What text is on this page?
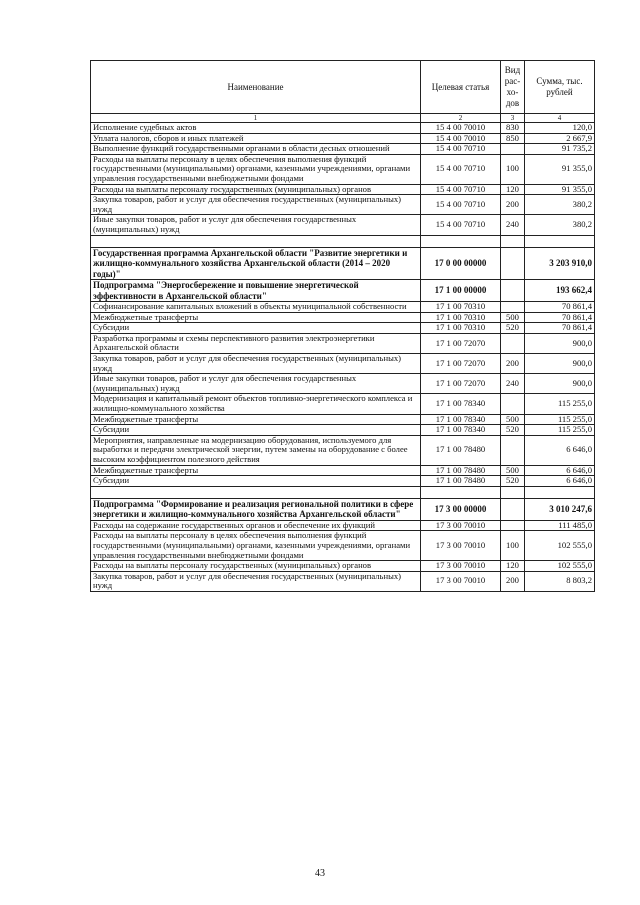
Наименование	Целевая статья	Вид рас- хо- дов	Сумма, тыс. рублей
1	2	3	4
Исполнение судебных актов	15 4 00 70010	830	120,0
Уплата налогов, сборов и иных платежей	15 4 00 70010	850	2 667,9
Выполнение функций государственными органами в области десных отношений	15 4 00 70710		91 735,2
Расходы на выплаты персоналу в целях обеспечения выполнения функций государственными (муниципальными) органами, казенными учреждениями, органами управления государственными внебюджетными фондами	15 4 00 70710	100	91 355,0
Расходы на выплаты персоналу государственных (муниципальных) органов	15 4 00 70710	120	91 355,0
Закупка товаров, работ и услуг для обеспечения государственных (муниципальных) нужд	15 4 00 70710	200	380,2
Иные закупки товаров, работ и услуг для обеспечения государственных (муниципальных) нужд	15 4 00 70710	240	380,2

Государственная программа Архангельской области "Развитие энергетики и жилищно-коммунального хозяйства Архангельской области (2014 – 2020 годы)"	17 0 00 00000		3 203 910,0
Подпрограмма "Энергосбережение и повышение энергетической эффективности в Архангельской области"	17 1 00 00000		193 662,4
Софинансирование капитальных вложений в объекты муниципальной собственности	17 1 00 70310		70 861,4
Межбюджетные трансферты	17 1 00 70310	500	70 861,4
Субсидии	17 1 00 70310	520	70 861,4
Разработка программы и схемы перспективного развития электроэнергетики Архангельской области	17 1 00 72070		900,0
Закупка товаров, работ и услуг для обеспечения государственных (муниципальных) нужд	17 1 00 72070	200	900,0
Иные закупки товаров, работ и услуг для обеспечения государственных (муниципальных) нужд	17 1 00 72070	240	900,0
Модернизация и капитальный ремонт объектов топливно-энергетического комплекса и жилищно-коммунального хозяйства	17 1 00 78340		115 255,0
Межбюджетные трансферты	17 1 00 78340	500	115 255,0
Субсидии	17 1 00 78340	520	115 255,0
Мероприятия, направленные на модернизацию оборудования, используемого для выработки и передачи электрической энергии, путем замены на оборудование с более высоким коэффициентом полезного действия	17 1 00 78480		6 646,0
Межбюджетные трансферты	17 1 00 78480	500	6 646,0
Субсидии	17 1 00 78480	520	6 646,0

Подпрограмма "Формирование и реализация региональной политики в сфере энергетики и жилищно-коммунального хозяйства Архангельской области"	17 3 00 00000		3 010 247,6
Расходы на содержание государственных органов и обеспечение их функций	17 3 00 70010		111 485,0
Расходы на выплаты персоналу в целях обеспечения выполнения функций государственными (муниципальными) органами, казенными учреждениями, органами управления государственными внебюджетными фондами	17 3 00 70010	100	102 555,0
Расходы на выплаты персоналу государственных (муниципальных) органов	17 3 00 70010	120	102 555,0
Закупка товаров, работ и услуг для обеспечения государственных (муниципальных) нужд	17 3 00 70010	200	8 803,2
43
